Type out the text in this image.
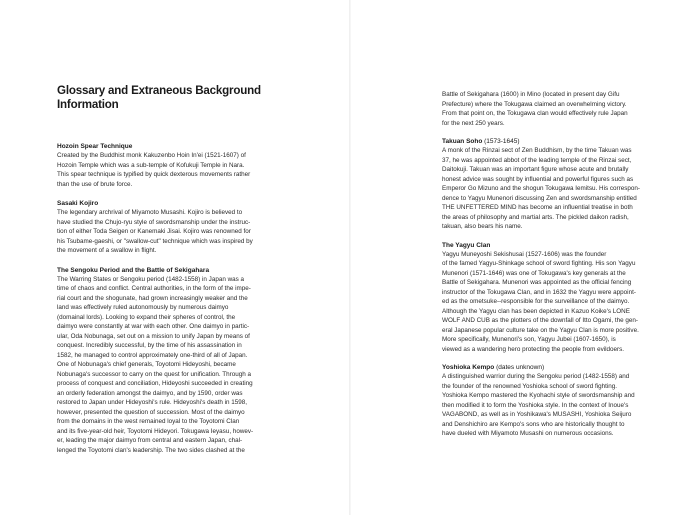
Glossary and Extraneous Background
Information

Hozoin Spear Technique

Created by the Buddhist monk Kakuzenbo Hoin In'ei (1521-1607) of
Hozoin Temple which was a sub-temple of Kofukuji Temple in Nara.
This spear technique is typified by quick dexterous movements rather
than the use of brute force.

Sasaki Kojiro

The legendary archrival of Miyamoto Musashi. Kojiro is believed to
have studied the Chujo-ryu style of swordsmanship under the instruc-
tion of either Toda Seigen or Kanemaki Jisai. Kojiro was renowned for
his Tsubame-gaeshi, or "swallow-cut" technique which was inspired by
the movement of a swallow in flight.

The Sengoku Period and the Battle of Sekigahara

The Warring States or Sengoku period (1482-1558) in Japan was a
time of chaos and conflict. Central authorities, in the form of the impe-
rial court and the shogunate, had grown increasingly weaker and the
land was effectively ruled autonomously by numerous daimyo
(domainal lords). Looking to expand their spheres of control, the
daimyo were constantly at war with each other. One daimyo in partic-
ular, Oda Nobunaga, set out on a mission to unify Japan by means of
conquest. Incredibly successful, by the time of his assassination in
1582, he managed to control approximately one-third of all of Japan.
One of Nobunaga's chief generals, Toyotomi Hideyoshi, became
Nobunaga's successor to carry on the quest for unification. Through a
process of conquest and conciliation, Hideyoshi succeeded in creating
an orderly federation amongst the daimyo, and by 1590, order was
restored to Japan under Hideyoshi's rule. Hideyoshi's death in 1598,
however, presented the question of succession. Most of the daimyo
from the domains in the west remained loyal to the Toyotomi Clan
and its five-year-old heir, Toyotomi Hideyori. Tokugawa Ieyasu, howev-
er, leading the major daimyo from central and eastern Japan, chal-
lenged the Toyotomi clan's leadership. The two sides clashed at the

Battle of Sekigahara (1600) in Mino (located in present day Gifu
Prefecture) where the Tokugawa claimed an overwhelming victory.
From that point on, the Tokugawa clan would effectively rule Japan
for the next 250 years.

Takuan Soho (1573-1645)

A monk of the Rinzai sect of Zen Buddhism, by the time Takuan was
37, he was appointed abbot of the leading temple of the Rinzai sect,
Daitokuji. Takuan was an important figure whose acute and brutally
honest advice was sought by influential and powerful figures such as
Emperor Go Mizuno and the shogun Tokugawa Iemitsu. His correspon-
dence to Yagyu Munenori discussing Zen and swordsmanship entitled
THE UNFETTERED MIND has become an influential treatise in both
the areas of philosophy and martial arts. The pickled daikon radish,
takuan, also bears his name.

The Yagyu Clan

Yagyu Muneyoshi Sekishusai (1527-1606) was the founder
of the famed Yagyu-Shinkage school of sword fighting. His son Yagyu
Munenori (1571-1646) was one of Tokugawa's key generals at the
Battle of Sekigahara. Munenori was appointed as the official fencing
instructor of the Tokugawa Clan, and in 1632 the Yagyu were appoint-
ed as the ometsuke--responsible for the surveillance of the daimyo.
Although the Yagyu clan has been depicted in Kazuo Koike's LONE
WOLF AND CUB as the plotters of the downfall of Itto Ogami, the gen-
eral Japanese popular culture take on the Yagyu Clan is more positive.
More specifically, Munenori's son, Yagyu Jubei (1607-1650), is
viewed as a wandering hero protecting the people from evildoers.

Yoshioka Kempo (dates unknown)

A distinguished warrior during the Sengoku period (1482-1558) and
the founder of the renowned Yoshioka school of sword fighting.
Yoshioka Kempo mastered the Kyohachi style of swordsmanship and
then modified it to form the Yoshioka style. In the context of Inoue's
VAGABOND, as well as in Yoshikawa's MUSASHI, Yoshioka Seijuro
and Denshichiro are Kempo's sons who are historically thought to
have dueled with Miyamoto Musashi on numerous occasions.
